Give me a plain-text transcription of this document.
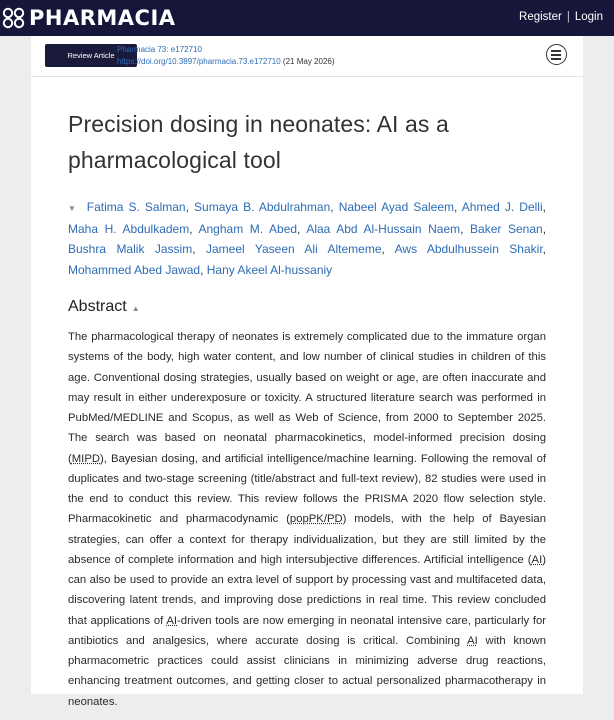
PHARMACIA	Register | Login
Review Article
Pharmacia 73: e172710
https://doi.org/10.3897/pharmacia.73.e172710 (21 May 2026)
Precision dosing in neonates: AI as a pharmacological tool
▼ Fatima S. Salman, Sumaya B. Abdulrahman, Nabeel Ayad Saleem, Ahmed J. Delli, Maha H. Abdulkadem, Angham M. Abed, Alaa Abd Al-Hussain Naem, Baker Senan, Bushra Malik Jassim, Jameel Yaseen Ali Altememe, Aws Abdulhussein Shakir, Mohammed Abed Jawad, Hany Akeel Al-hussaniy
Abstract ▲

The pharmacological therapy of neonates is extremely complicated due to the immature organ systems of the body, high water content, and low number of clinical studies in children of this age. Conventional dosing strategies, usually based on weight or age, are often inaccurate and may result in either underexposure or toxicity. A structured literature search was performed in PubMed/MEDLINE and Scopus, as well as Web of Science, from 2000 to September 2025. The search was based on neonatal pharmacokinetics, model-informed precision dosing (MIPD), Bayesian dosing, and artificial intelligence/machine learning. Following the removal of duplicates and two-stage screening (title/abstract and full-text review), 82 studies were used in the end to conduct this review. This review follows the PRISMA 2020 flow selection style. Pharmacokinetic and pharmacodynamic (popPK/PD) models, with the help of Bayesian strategies, can offer a context for therapy individualization, but they are still limited by the absence of complete information and high intersubjective differences. Artificial intelligence (AI) can also be used to provide an extra level of support by processing vast and multifaceted data, discovering latent trends, and improving dose predictions in real time. This review concluded that applications of AI-driven tools are now emerging in neonatal intensive care, particularly for antibiotics and analgesics, where accurate dosing is critical. Combining AI with known pharmacometric practices could assist clinicians in minimizing adverse drug reactions, enhancing treatment outcomes, and getting closer to actual personalized pharmacotherapy in neonates.
